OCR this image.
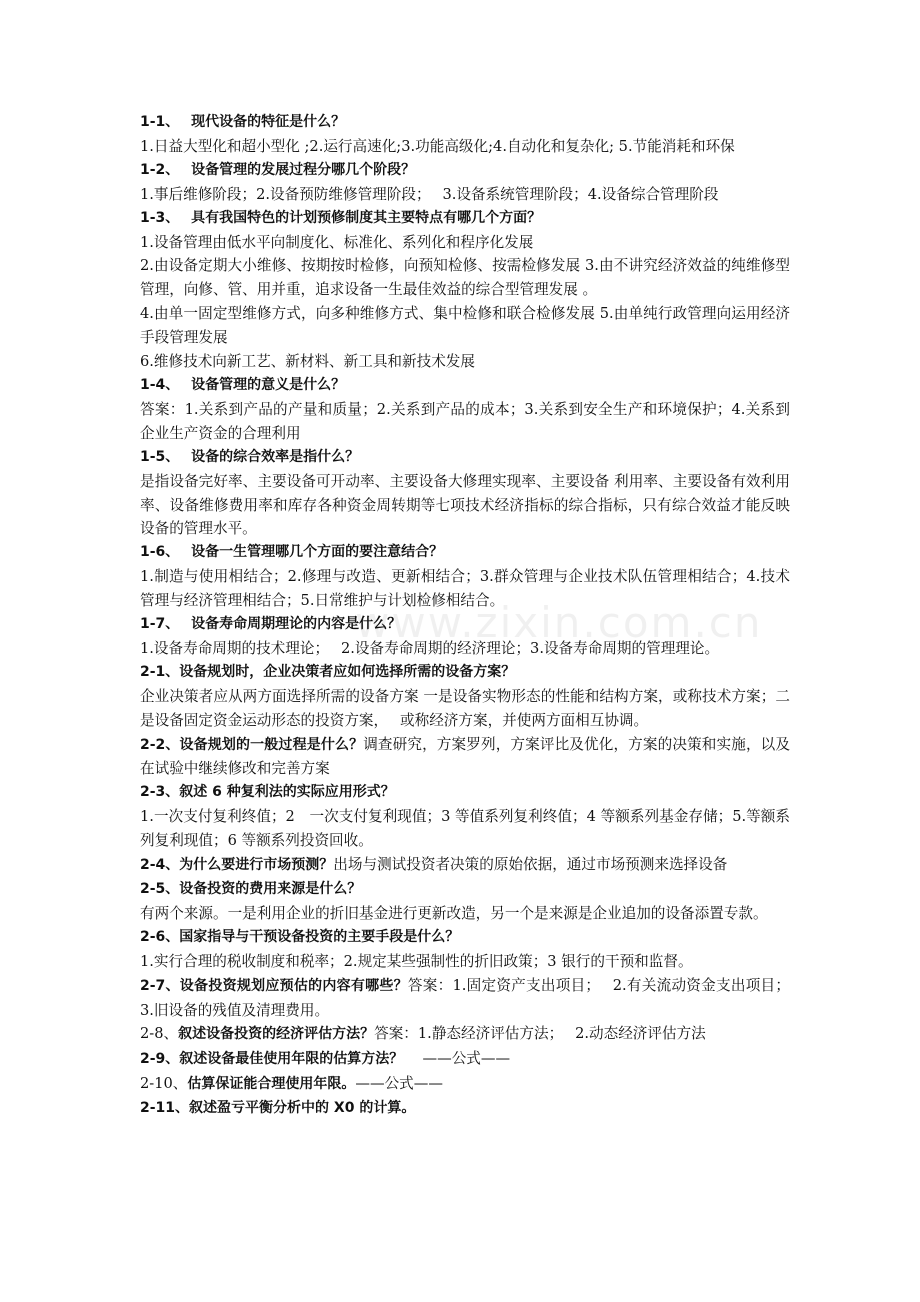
www.zixin.com.cn

1-1、　 现代设备的特征是什么？

1.日益大型化和超小型化 ;2.运行高速化;3.功能高级化;4.自动化和复杂化; 5.节能消耗和环保

1-2、　 设备管理的发展过程分哪几个阶段？

1.事后维修阶段；2.设备预防维修管理阶段；　 3.设备系统管理阶段；4.设备综合管理阶段

1-3、　 具有我国特色的计划预修制度其主要特点有哪几个方面？

1.设备管理由低水平向制度化、标准化、系列化和程序化发展

2.由设备定期大小维修、按期按时检修，向预知检修、按需检修发展 3.由不讲究经济效益的纯维修型管理，向修、管、用并重，追求设备一生最佳效益的综合型管理发展 。

4.由单一固定型维修方式，向多种维修方式、集中检修和联合检修发展 5.由单纯行政管理向运用经济手段管理发展

6.维修技术向新工艺、新材料、新工具和新技术发展

1-4、　 设备管理的意义是什么？

答案：1.关系到产品的产量和质量；2.关系到产品的成本；3.关系到安全生产和环境保护；4.关系到企业生产资金的合理利用

1-5、　 设备的综合效率是指什么？

是指设备完好率、主要设备可开动率、主要设备大修理实现率、主要设备 利用率、主要设备有效利用率、设备维修费用率和库存各种资金周转期等七项技术经济指标的综合指标，只有综合效益才能反映设备的管理水平。

1-6、　 设备一生管理哪几个方面的要注意结合？

1.制造与使用相结合；2.修理与改造、更新相结合；3.群众管理与企业技术队伍管理相结合；4.技术管理与经济管理相结合；5.日常维护与计划检修相结合。

1-7、　 设备寿命周期理论的内容是什么？

1.设备寿命周期的技术理论；　 2.设备寿命周期的经济理论；3.设备寿命周期的管理理论。

2-1、设备规划时，企业决策者应如何选择所需的设备方案？

企业决策者应从两方面选择所需的设备方案 一是设备实物形态的性能和结构方案，或称技术方案；二是设备固定资金运动形态的投资方案，　 或称经济方案，并使两方面相互协调。

2-2、设备规划的一般过程是什么？调查研究，方案罗列，方案评比及优化，方案的决策和实施，以及在试验中继续修改和完善方案

2-3、叙述 6 种复利法的实际应用形式？

1.一次支付复利终值；2　一次支付复利现值；3 等值系列复利终值；4 等额系列基金存储；5.等额系列复利现值；6 等额系列投资回收。

2-4、为什么要进行市场预测？出场与测试投资者决策的原始依据，通过市场预测来选择设备

2-5、设备投资的费用来源是什么？

有两个来源。一是利用企业的折旧基金进行更新改造，另一个是来源是企业追加的设备添置专款。

2-6、国家指导与干预设备投资的主要手段是什么？

1.实行合理的税收制度和税率；2.规定某些强制性的折旧政策；3 银行的干预和监督。

2-7、设备投资规划应预估的内容有哪些？答案：1.固定资产支出项目；　 2.有关流动资金支出项目；3.旧设备的残值及清理费用。

2-8、叙述设备投资的经济评估方法？答案：1.静态经济评估方法；　 2.动态经济评估方法

2-9、叙述设备最佳使用年限的估算方法？　 ——公式——

2-10、估算保证能合理使用年限。——公式——

2-11、叙述盈亏平衡分析中的 X0 的计算。
